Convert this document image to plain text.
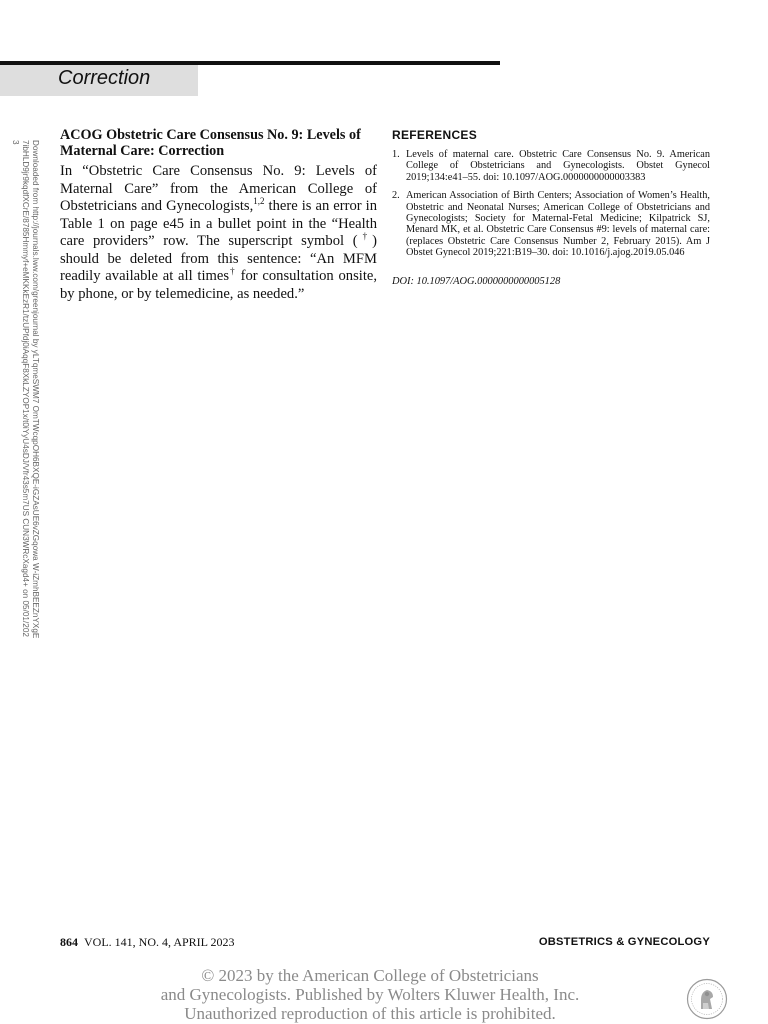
Correction
Downloaded from http://journals.lww.com/greenjournal by yLTqmeSWM7 OmTWcqpOH6BXQE-iGZAsUE6vZGqowa W-iZmhBEEZnYXgE7ibHLD9jr9kqdfXCrE/8785Hmmyf+eMKKkEzR1/tzUPfdj0iAqqF8XkLZYOP1x/t0iYyU4sDJ/Vfr43s5m7US CUN3WRcXagd4+ on 05/01/2023	ACOG Obstetric Care Consensus No. 9: Levels of Maternal Care: Correction

In “Obstetric Care Consensus No. 9: Levels of Maternal Care” from the American College of Obstetricians and Gynecologists,$^{1,2}$ there is an error in Table 1 on page e45 in a bullet point in the “Health care providers” row. The superscript symbol (†) should be deleted from this sentence: “An MFM readily available at all times† for consultation onsite, by phone, or by telemedicine, as needed.”

REFERENCES
1. Levels of maternal care. Obstetric Care Consensus No. 9. American College of Obstetricians and Gynecologists. Obstet Gynecol 2019;134:e41–55. doi: 10.1097/AOG.0000000000003383
2. American Association of Birth Centers; Association of Women’s Health, Obstetric and Neonatal Nurses; American College of Obstetricians and Gynecologists; Society for Maternal-Fetal Medicine; Kilpatrick SJ, Menard MK, et al. Obstetric Care Consensus #9: levels of maternal care: (replaces Obstetric Care Consensus Number 2, February 2015). Am J Obstet Gynecol 2019;221:B19–30. doi: 10.1016/j.ajog.2019.05.046
DOI: 10.1097/AOG.0000000000005128
864 VOL. 141, NO. 4, APRIL 2023	OBSTETRICS & GYNECOLOGY
© 2023 by the American College of Obstetricians
and Gynecologists. Published by Wolters Kluwer Health, Inc.
Unauthorized reproduction of this article is prohibited.
